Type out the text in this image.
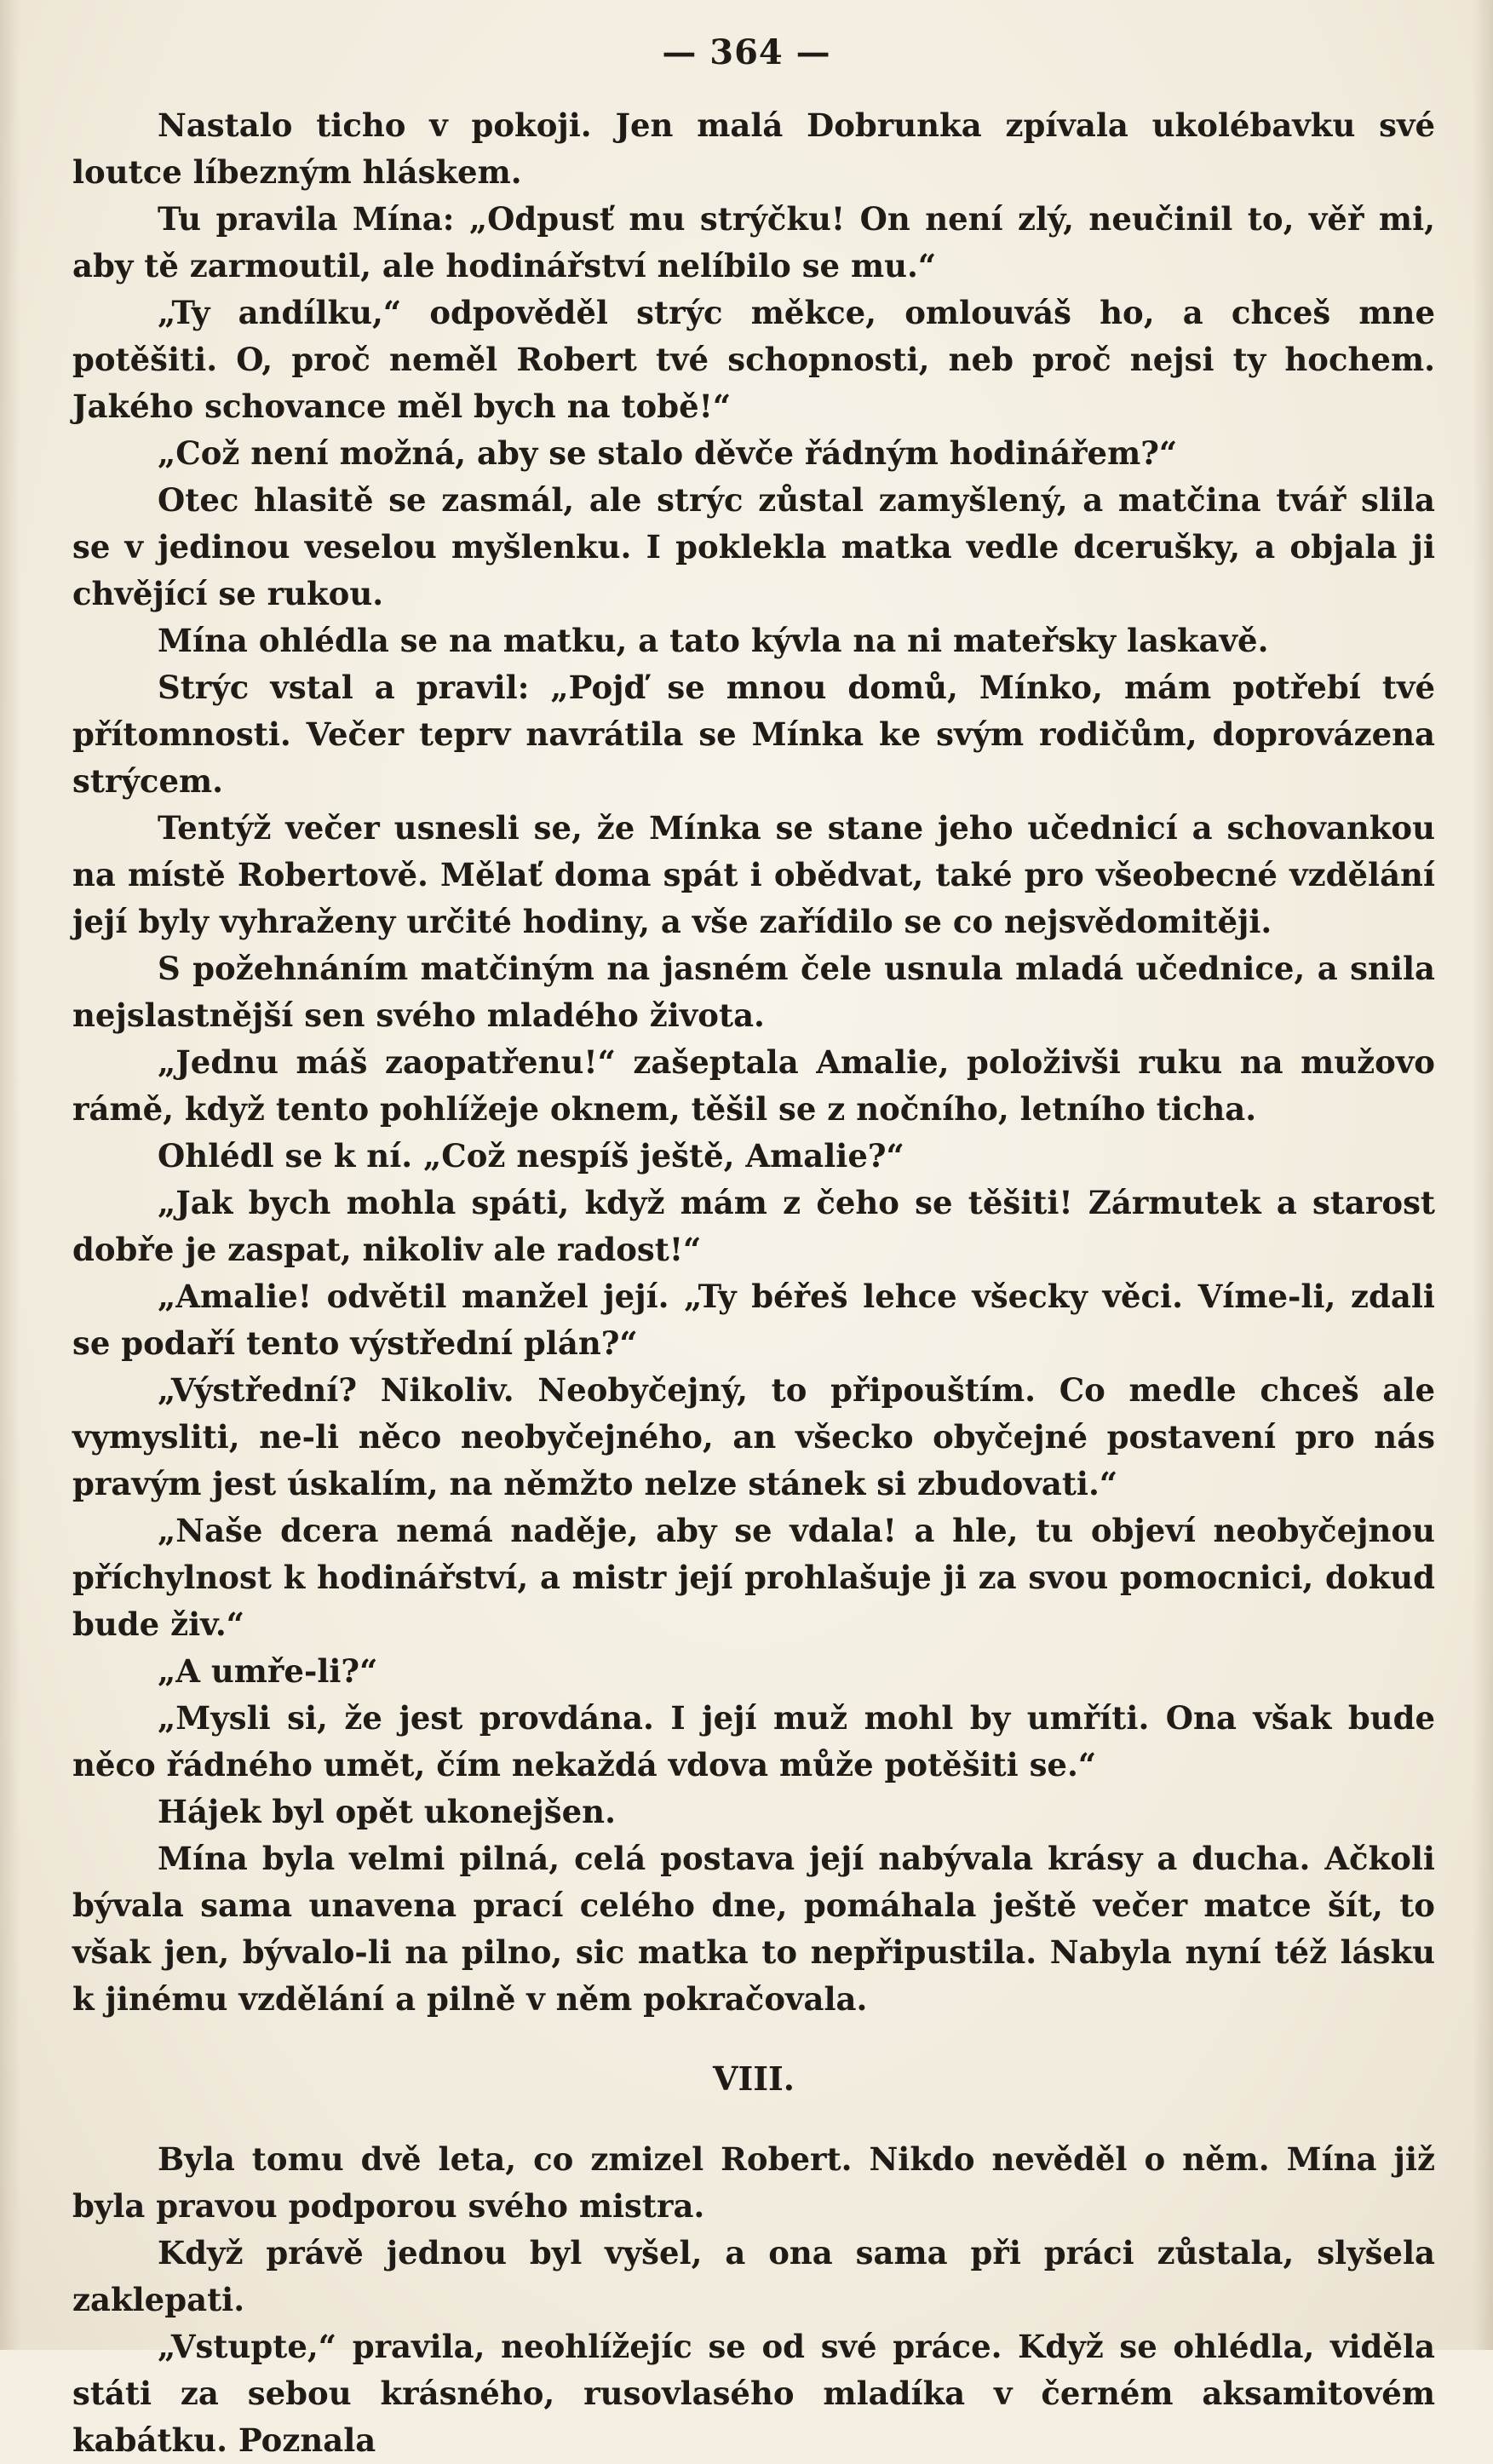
— 364 —

Nastalo ticho v pokoji. Jen malá Dobrunka zpívala ukolébavku své loutce líbezným hláskem.

Tu pravila Mína: „Odpusť mu strýčku! On není zlý, neučinil to, věř mi, aby tě zarmoutil, ale hodinářství nelíbilo se mu.“

„Ty andílku,“ odpověděl strýc měkce, omlouváš ho, a chceš mne potěšiti. O, proč neměl Robert tvé schopnosti, neb proč nejsi ty hochem. Jakého schovance měl bych na tobě!“

„Což není možná, aby se stalo děvče řádným hodinářem?“

Otec hlasitě se zasmál, ale strýc zůstal zamyšlený, a matčina tvář slila se v jedinou veselou myšlenku. I poklekla matka vedle dcerušky, a objala ji chvějící se rukou.

Mína ohlédla se na matku, a tato kývla na ni mateřsky laskavě.

Strýc vstal a pravil: „Pojď se mnou domů, Mínko, mám potřebí tvé přítomnosti. Večer teprv navrátila se Mínka ke svým rodičům, doprovázena strýcem.

Tentýž večer usnesli se, že Mínka se stane jeho učednicí a schovankou na místě Robertově. Mělať doma spát i obědvat, také pro všeobecné vzdělání její byly vyhraženy určité hodiny, a vše zařídilo se co nejsvědomitěji.

S požehnáním matčiným na jasném čele usnula mladá učednice, a snila nejslastnější sen svého mladého života.

„Jednu máš zaopatřenu!“ zašeptala Amalie, položivši ruku na mužovo rámě, když tento pohlížeje oknem, těšil se z nočního, letního ticha.

Ohlédl se k ní. „Což nespíš ještě, Amalie?“

„Jak bych mohla spáti, když mám z čeho se těšiti! Zármutek a starost dobře je zaspat, nikoliv ale radost!“

„Amalie! odvětil manžel její. „Ty béřeš lehce všecky věci. Víme-li, zdali se podaří tento výstřední plán?“

„Výstřední? Nikoliv. Neobyčejný, to připouštím. Co medle chceš ale vymysliti, ne-li něco neobyčejného, an všecko obyčejné postavení pro nás pravým jest úskalím, na němžto nelze stánek si zbudovati.“

„Naše dcera nemá naděje, aby se vdala! a hle, tu objeví neobyčejnou příchylnost k hodinářství, a mistr její prohlašuje ji za svou pomocnici, dokud bude živ.“

„A umře-li?“

„Mysli si, že jest provdána. I její muž mohl by umříti. Ona však bude něco řádného umět, čím nekaždá vdova může potěšiti se.“

Hájek byl opět ukonejšen.

Mína byla velmi pilná, celá postava její nabývala krásy a ducha. Ačkoli bývala sama unavena prací celého dne, pomáhala ještě večer matce šít, to však jen, bývalo-li na pilno, sic matka to nepřipustila. Nabyla nyní též lásku k jinému vzdělání a pilně v něm pokračovala.

VIII.

Byla tomu dvě leta, co zmizel Robert. Nikdo nevěděl o něm. Mína již byla pravou podporou svého mistra.

Když právě jednou byl vyšel, a ona sama při práci zůstala, slyšela zaklepati.

„Vstupte,“ pravila, neohlížejíc se od své práce. Když se ohlédla, viděla státi za sebou krásného, rusovlasého mladíka v černém aksamitovém kabátku. Poznala
